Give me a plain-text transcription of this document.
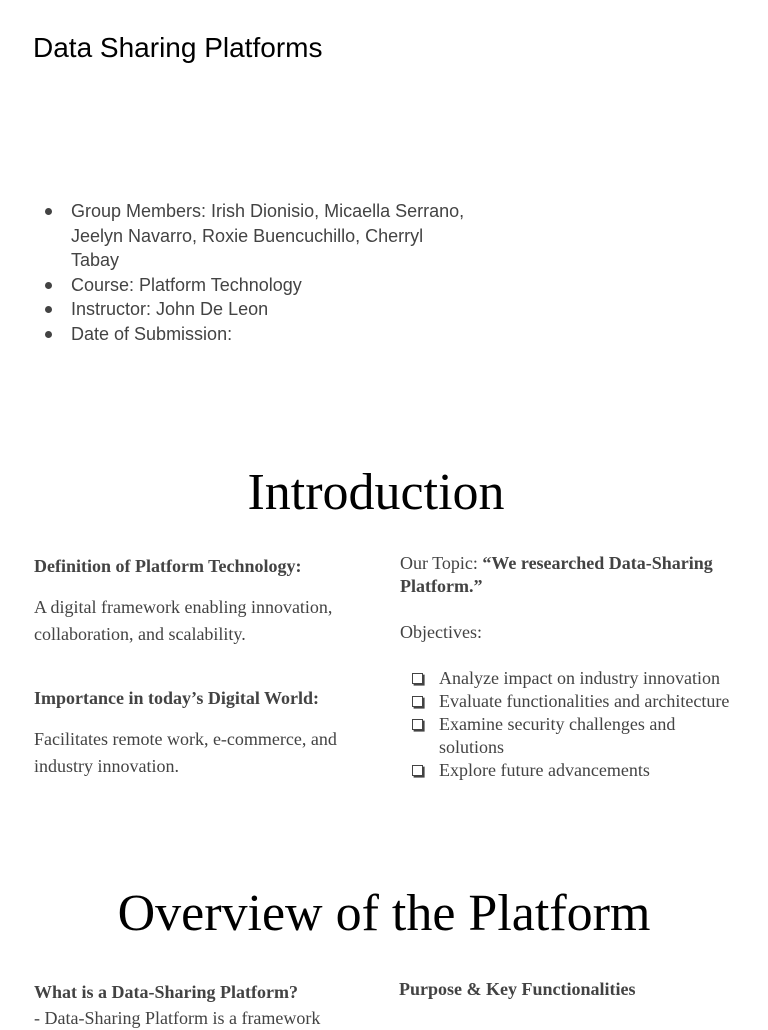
Data Sharing Platforms
Group Members: Irish Dionisio, Micaella Serrano, Jeelyn Navarro, Roxie Buencuchillo, Cherryl Tabay
Course: Platform Technology
Instructor: John De Leon
Date of Submission:
Introduction
Definition of Platform Technology:
A digital framework enabling innovation, collaboration, and scalability.
Importance in today’s Digital World:
Facilitates remote work, e-commerce, and industry innovation.
Our Topic: “We researched Data-Sharing Platform.”
Objectives:
Analyze impact on industry innovation
Evaluate functionalities and architecture
Examine security challenges and solutions
Explore future advancements
Overview of the Platform
What is a Data-Sharing Platform?
- Data-Sharing Platform is a framework
Purpose & Key Functionalities
